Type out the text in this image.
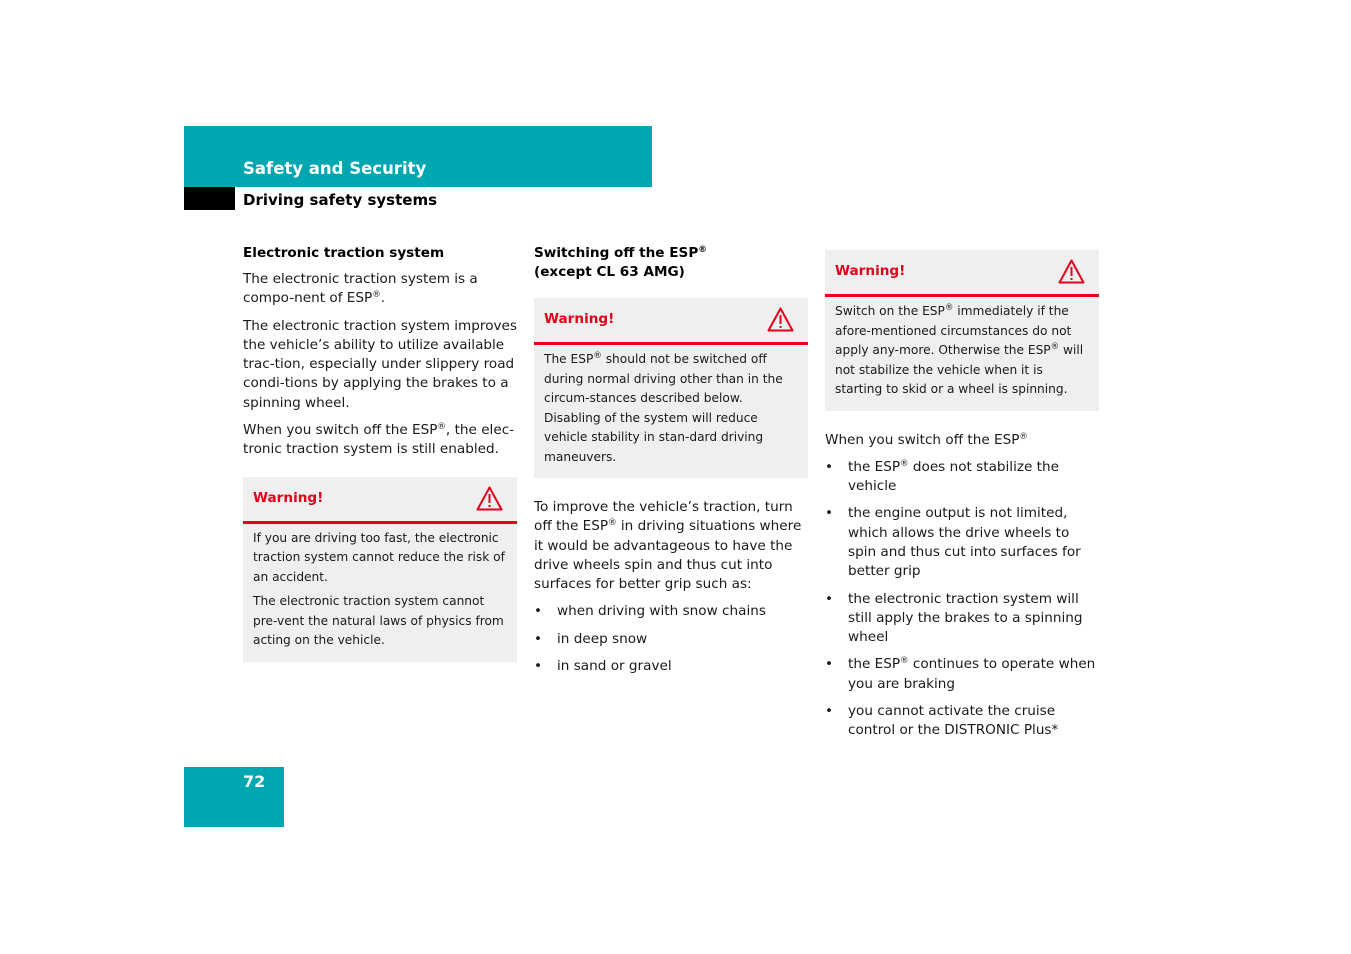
Safety and Security
Driving safety systems
Electronic traction system

The electronic traction system is a compo-nent of ESP®.

The electronic traction system improves the vehicle’s ability to utilize available trac-tion, especially under slippery road condi-tions by applying the brakes to a spinning wheel.

When you switch off the ESP®, the elec-tronic traction system is still enabled.

Warning!

If you are driving too fast, the electronic traction system cannot reduce the risk of an accident.

The electronic traction system cannot pre-vent the natural laws of physics from acting on the vehicle.

Switching off the ESP®
(except CL 63 AMG)
Warning!

The ESP® should not be switched off during normal driving other than in the circum-stances described below. Disabling of the system will reduce vehicle stability in stan-dard driving maneuvers.

To improve the vehicle’s traction, turn off the ESP® in driving situations where it would be advantageous to have the drive wheels spin and thus cut into surfaces for better grip such as:

• when driving with snow chains
• in deep snow
• in sand or gravel
Warning!

Switch on the ESP® immediately if the afore-mentioned circumstances do not apply any-more. Otherwise the ESP® will not stabilize the vehicle when it is starting to skid or a wheel is spinning.

When you switch off the ESP®

• the ESP® does not stabilize the vehicle
• the engine output is not limited, which allows the drive wheels to spin and thus cut into surfaces for better grip
• the electronic traction system will still apply the brakes to a spinning wheel
• the ESP® continues to operate when you are braking
• you cannot activate the cruise control or the DISTRONIC Plus*
72
